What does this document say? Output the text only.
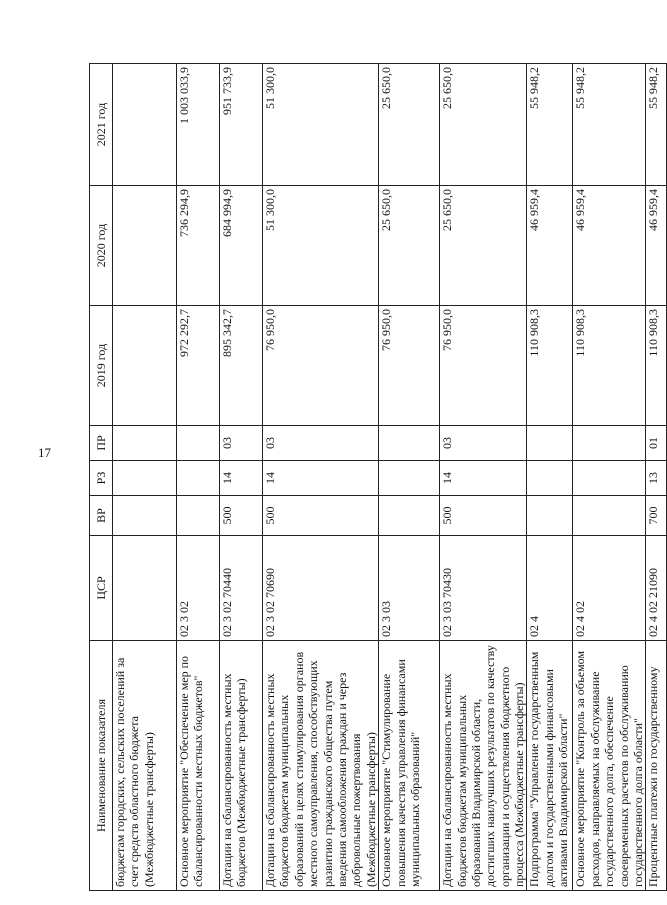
17
Наименование показателя	ЦСР	ВР	РЗ	ПР	2019 год	2020 год	2021 год
бюджетам городских, сельских поселений за счет средств областного бюджета (Межбюджетные трансферты)							
Основное мероприятие "Обеспечение мер по сбалансированности местных бюджетов"	02 3 02				972 292,7	736 294,9	1 003 033,9
Дотации на сбалансированность местных бюджетов (Межбюджетные трансферты)	02 3 02 70440	500	14	03	895 342,7	684 994,9	951 733,9
Дотации на сбалансированность местных бюджетов бюджетам муниципальных образований в целях стимулирования органов местного самоуправления, способствующих развитию гражданского общества путем введения самообложения граждан и через добровольные пожертвования (Межбюджетные трансферты)	02 3 02 70690	500	14	03	76 950,0	51 300,0	51 300,0
Основное мероприятие "Стимулирование повышения качества управления финансами муниципальных образований"	02 3 03				76 950,0	25 650,0	25 650,0
Дотации на сбалансированность местных бюджетов бюджетам муниципальных образований Владимирской области, достигших наилучших результатов по качеству организации и осуществления бюджетного процесса (Межбюджетные трансферты)	02 3 03 70430	500	14	03	76 950,0	25 650,0	25 650,0
Подпрограмма "Управление государственным долгом и государственными финансовыми активами Владимирской области"	02 4				110 908,3	46 959,4	55 948,2
Основное мероприятие "Контроль за объемом расходов, направляемых на обслуживание государственного долга, обеспечение своевременных расчетов по обслуживанию государственного долга области"	02 4 02				110 908,3	46 959,4	55 948,2
Процентные платежи по государственному	02 4 02 21090	700	13	01	110 908,3	46 959,4	55 948,2
